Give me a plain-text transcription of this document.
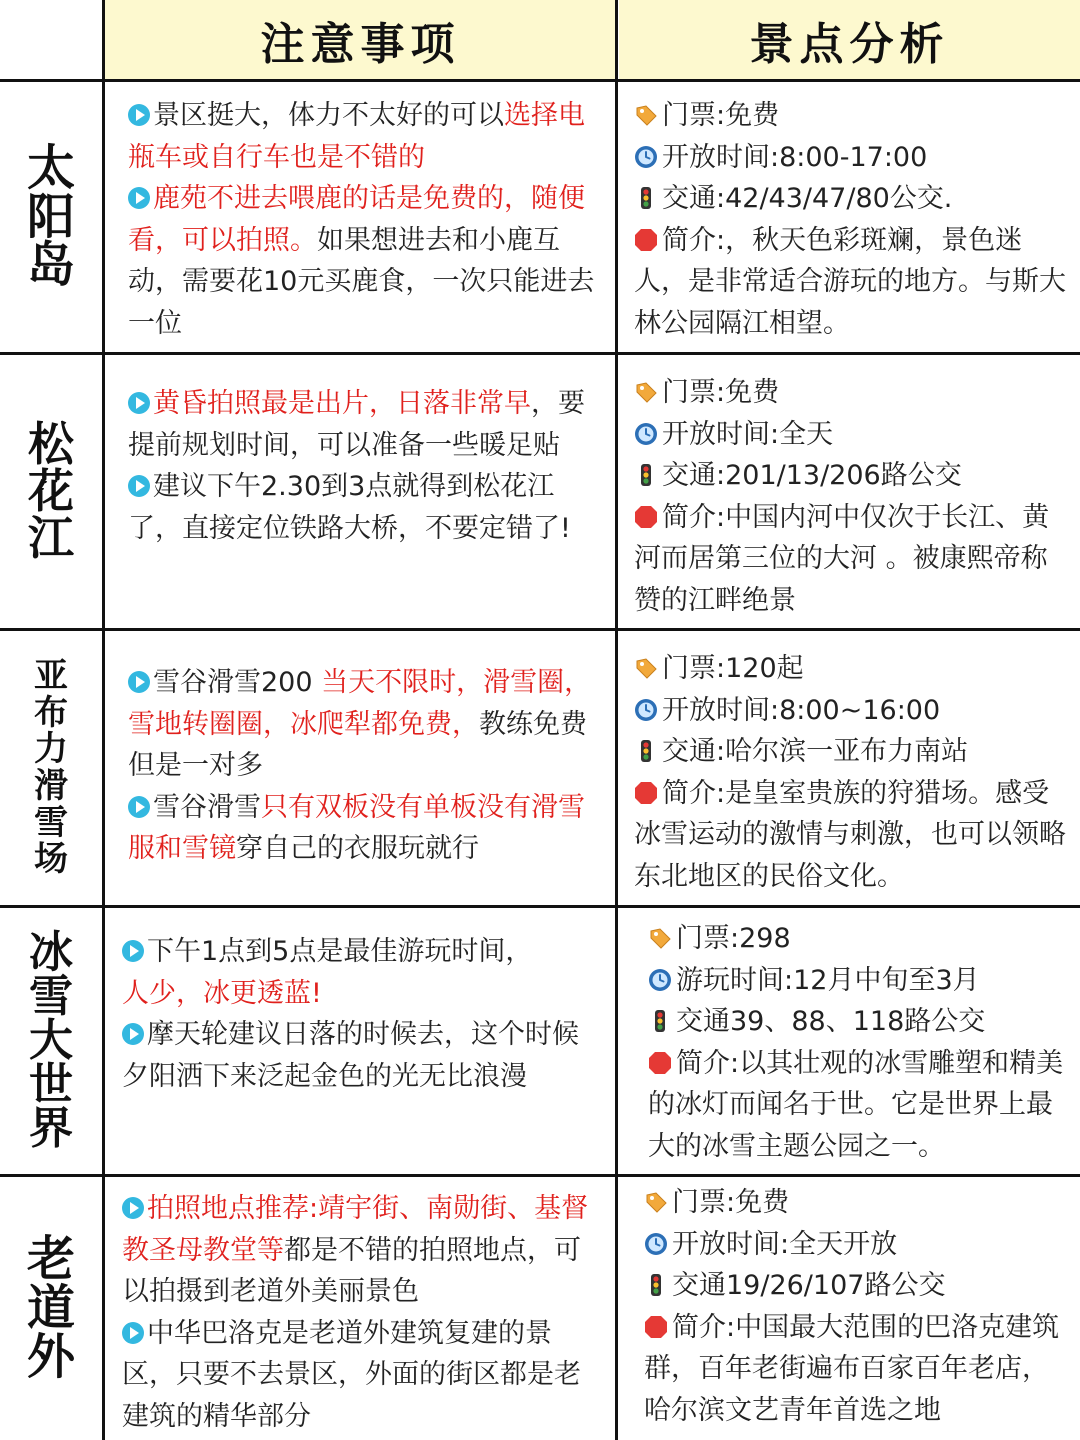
注意事项	景点分析
太
阳
岛
景区挺大，体力不太好的可以选择电瓶车或自行车也是不错的
鹿苑不进去喂鹿的话是免费的，随便看，可以拍照。如果想进去和小鹿互动，需要花10元买鹿食，一次只能进去一位
门票:免费
开放时间:8:00-17:00
交通:42/43/47/80公交.
简介:，秋天色彩斑斓，景色迷人，是非常适合游玩的地方。与斯大林公园隔江相望。
松
花
江
黄昏拍照最是出片，日落非常早，要提前规划时间，可以准备一些暖足贴
建议下午2.30到3点就得到松花江了，直接定位铁路大桥，不要定错了!
门票:免费
开放时间:全天
交通:201/13/206路公交
简介:中国内河中仅次于长江、黄河而居第三位的大河 。被康熙帝称赞的江畔绝景
亚
布
力
滑
雪
场
雪谷滑雪200 当天不限时，滑雪圈，雪地转圈圈，冰爬犁都免费，教练免费但是一对多
雪谷滑雪只有双板没有单板没有滑雪服和雪镜穿自己的衣服玩就行
门票:120起
开放时间:8:00~16:00
交通:哈尔滨一亚布力南站
简介:是皇室贵族的狩猎场。感受冰雪运动的激情与刺激，也可以领略东北地区的民俗文化。
冰
雪
大
世
界
下午1点到5点是最佳游玩时间，
人少，冰更透蓝!
摩天轮建议日落的时候去，这个时候夕阳洒下来泛起金色的光无比浪漫
门票:298
游玩时间:12月中旬至3月
交通39、88、118路公交
简介:以其壮观的冰雪雕塑和精美的冰灯而闻名于世。它是世界上最大的冰雪主题公园之一。
老
道
外
拍照地点推荐:靖宇街、南勋街、基督教圣母教堂等都是不错的拍照地点，可以拍摄到老道外美丽景色
中华巴洛克是老道外建筑复建的景区，只要不去景区，外面的街区都是老建筑的精华部分
门票:免费
开放时间:全天开放
交通19/26/107路公交
简介:中国最大范围的巴洛克建筑群，百年老街遍布百家百年老店，哈尔滨文艺青年首选之地
